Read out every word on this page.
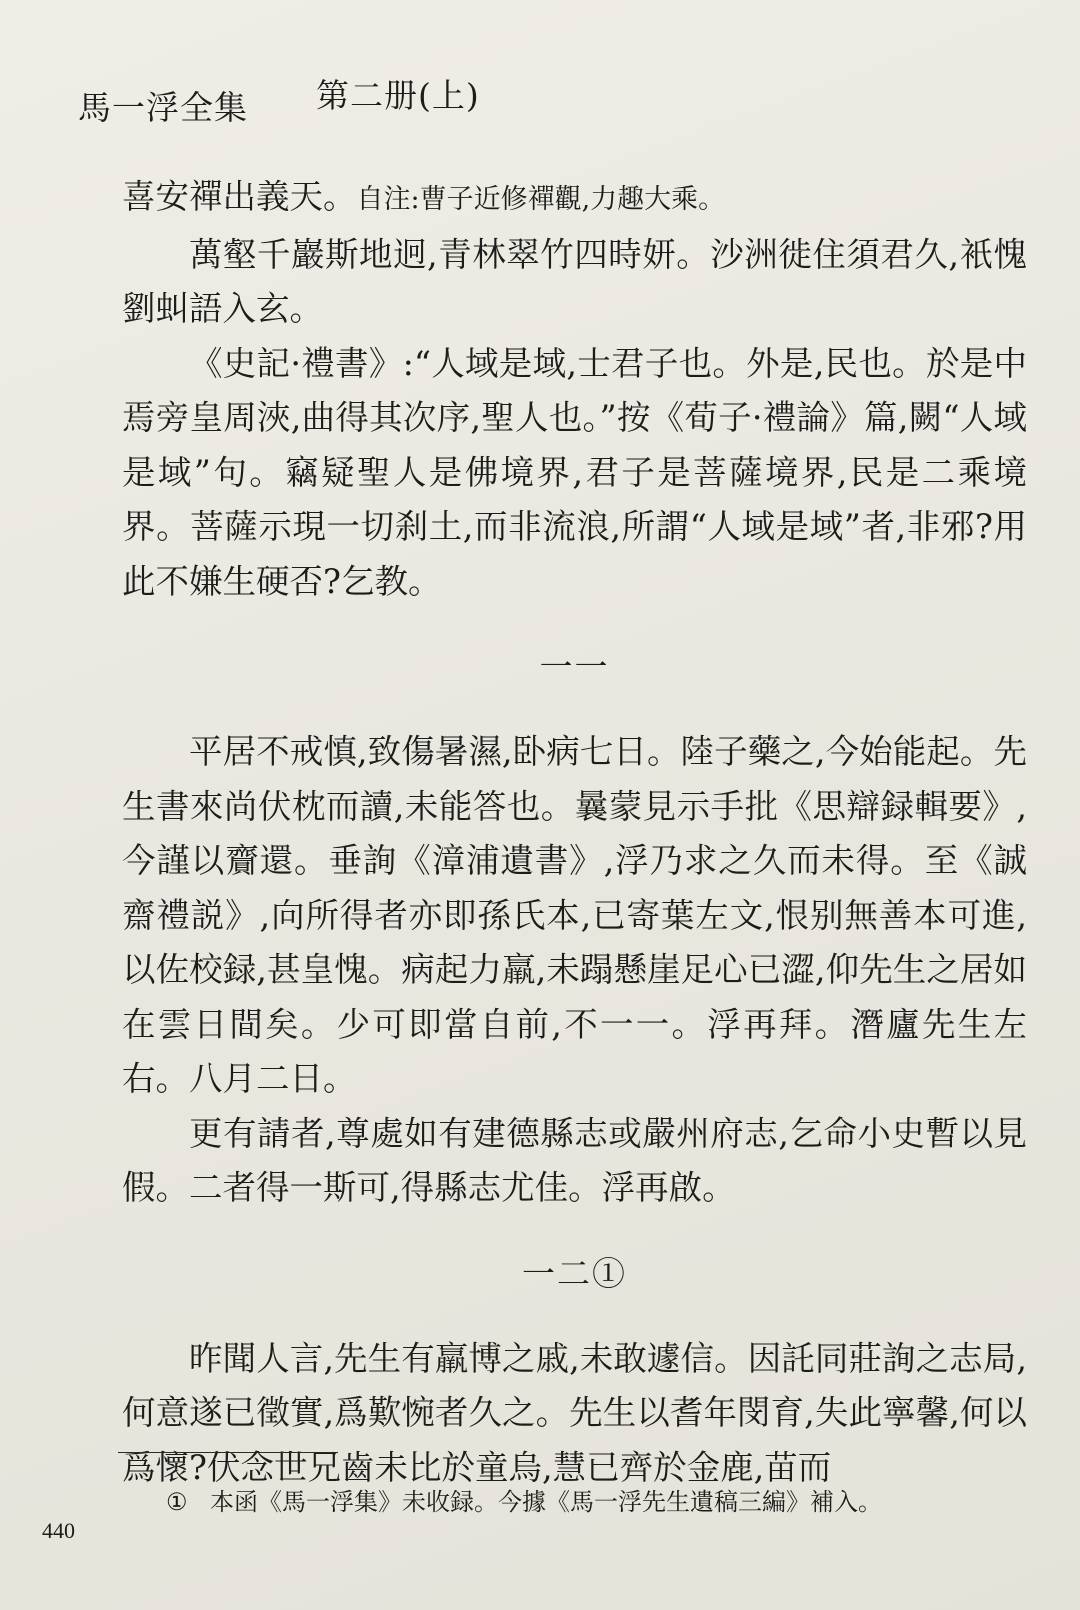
馬一浮全集 第二册(上)

喜安禪出義天。自注:曹子近修禪觀,力趣大乘。

萬壑千巖斯地迥,青林翠竹四時妍。沙洲徙住須君久,衹愧劉虯語入玄。

《史記·禮書》:“人域是域,士君子也。外是,民也。於是中焉旁皇周浹,曲得其次序,聖人也。”按《荀子·禮論》篇,闕“人域是域”句。竊疑聖人是佛境界,君子是菩薩境界,民是二乘境界。菩薩示現一切刹土,而非流浪,所謂“人域是域”者,非邪?用此不嫌生硬否?乞教。

一一

平居不戒慎,致傷暑濕,卧病七日。陸子藥之,今始能起。先生書來尚伏枕而讀,未能答也。曩蒙見示手批《思辯録輯要》,今謹以齎還。垂詢《漳浦遺書》,浮乃求之久而未得。至《誠齋禮説》,向所得者亦即孫氏本,已寄葉左文,恨别無善本可進,以佐校録,甚皇愧。病起力羸,未蹋懸崖足心已澀,仰先生之居如在雲日間矣。少可即當自前,不一一。浮再拜。潛廬先生左右。八月二日。

更有請者,尊處如有建德縣志或嚴州府志,乞命小史暫以見假。二者得一斯可,得縣志尤佳。浮再啟。

一二①

昨聞人言,先生有羸博之戚,未敢遽信。因託同莊詢之志局,何意遂已徵實,爲歎惋者久之。先生以耆年閔育,失此寧馨,何以爲懷?伏念世兄齒未比於童烏,慧已齊於金鹿,苗而

① 本函《馬一浮集》未收録。今據《馬一浮先生遺稿三編》補入。
440
